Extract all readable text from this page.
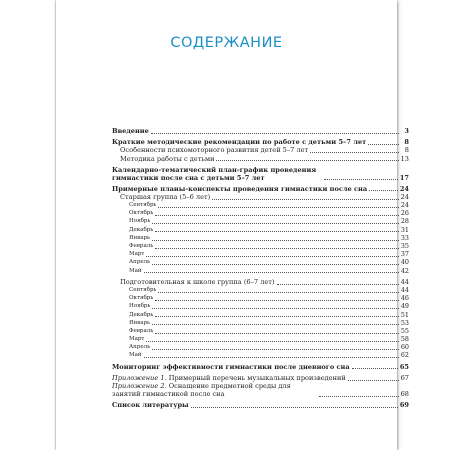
СОДЕРЖАНИЕ
Введение	3
Краткие методические рекомендации по работе с детьми 5–7 лет	8
Особенности психомоторного развития детей 5–7 лет	8
Методика работы с детьми	13
Календарно-тематический план-график проведения гимнастики после сна с детьми 5–7 лет	17
Примерные планы-конспекты проведения гимнастики после сна	24
Старшая группа (5–6 лет)	24
Сентябрь	24
Октябрь	26
Ноябрь	28
Декабрь	31
Январь	33
Февраль	35
Март	37
Апрель	40
Май	42
Подготовительная к школе группа (6–7 лет)	44
Сентябрь	44
Октябрь	46
Ноябрь	49
Декабрь	51
Январь	53
Февраль	55
Март	58
Апрель	60
Май	62
Мониторинг эффективности гимнастики после дневного сна	65
Приложение 1. Примерный перечень музыкальных произведений	67
Приложение 2. Оснащение предметной среды для занятий гимнастикой после сна	68
Список литературы	69
